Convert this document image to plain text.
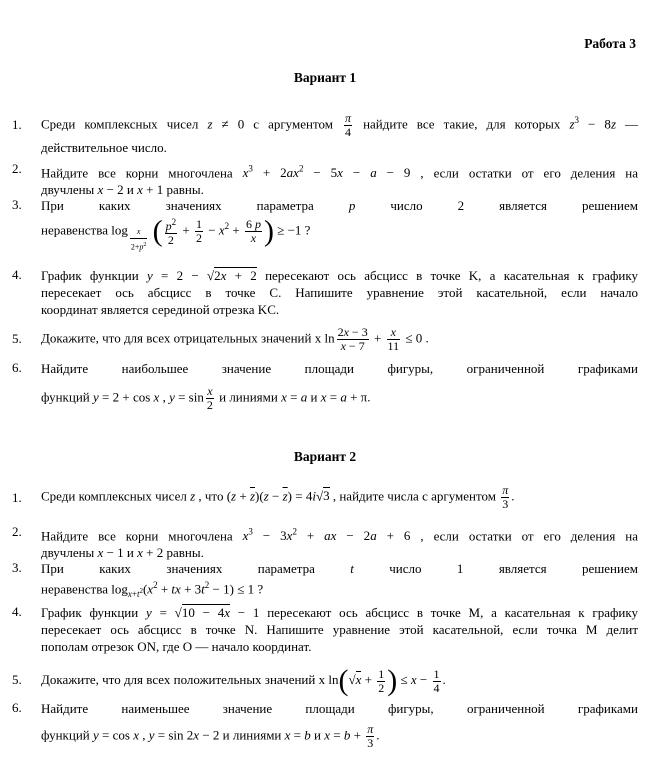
Работа 3
Вариант 1
1. Среди комплексных чисел z ≠ 0 с аргументом $\frac{\pi}{4}$ найдите все такие, для которых $z^3 - 8z$ —
действительное число.
2. Найдите все корни многочлена $x^3 + 2ax^2 - 5x - a - 9$ , если остатки от его деления на
двучлены x − 2 и x + 1 равны.
3. При	каких	значениях	параметра	p	число	2	является	решением
неравенства log $_{\frac{x}{2+p^2}}$ ( $\frac{p^2}{2} + \frac{1}{2} - x^2 + \frac{6 p}{x}$ ) ≥ −1 ?
4. График функции y = 2 − √2x + 2 пересекают ось абсцисс в точке K, а касательная к графику
пересекает ось абсцисс в точке C. Напишите уравнение этой касательной, если начало
координат является серединой отрезка KC.
5. Докажите, что для всех отрицательных значений x $\ln \frac{2x - 3}{x - 7} + \frac{x}{11} \le 0$ .
6. Найдите	наибольшее	значение	площади	фигуры,	ограниченной	графиками
функций y = 2 + cos x , $y = \sin \frac{x}{2}$ и линиями x = a и x = a + π.
Вариант 2
1. Среди комплексных чисел z , что $(z + \overline{z})(z - \overline{z}) = 4i√3$ , найдите числа с аргументом $\frac{\pi}{3}$ .
2. Найдите все корни многочлена $x^3 - 3x^2$ + ax − 2a + 6 , если остатки от его деления на
двучлены x − 1 и x + 2 равны.
3. При	каких	значениях	параметра	t	число	1	является	решением
неравенства $\log_{x+t^2}(x^2$ + tx + $3t^2 - 1) \le 1$ ?
4. График функции y = √10 − 4x − 1 пересекают ось абсцисс в точке M, а касательная к графику
пересекает ось абсцисс в точке N. Напишите уравнение этой касательной, если точка M делит
пополам отрезок ON, где O — начало координат.
5. Докажите, что для всех положительных значений x $\ln(√x + \frac{1}{2}$ ) ≤ $x - \frac{1}{4}$ .
6. Найдите	наименьшее	значение	площади	фигуры,	ограниченной	графиками
функций y = cos x , y = sin 2x − 2 и линиями x = b и $x = b + \frac{\pi}{3}$ .
